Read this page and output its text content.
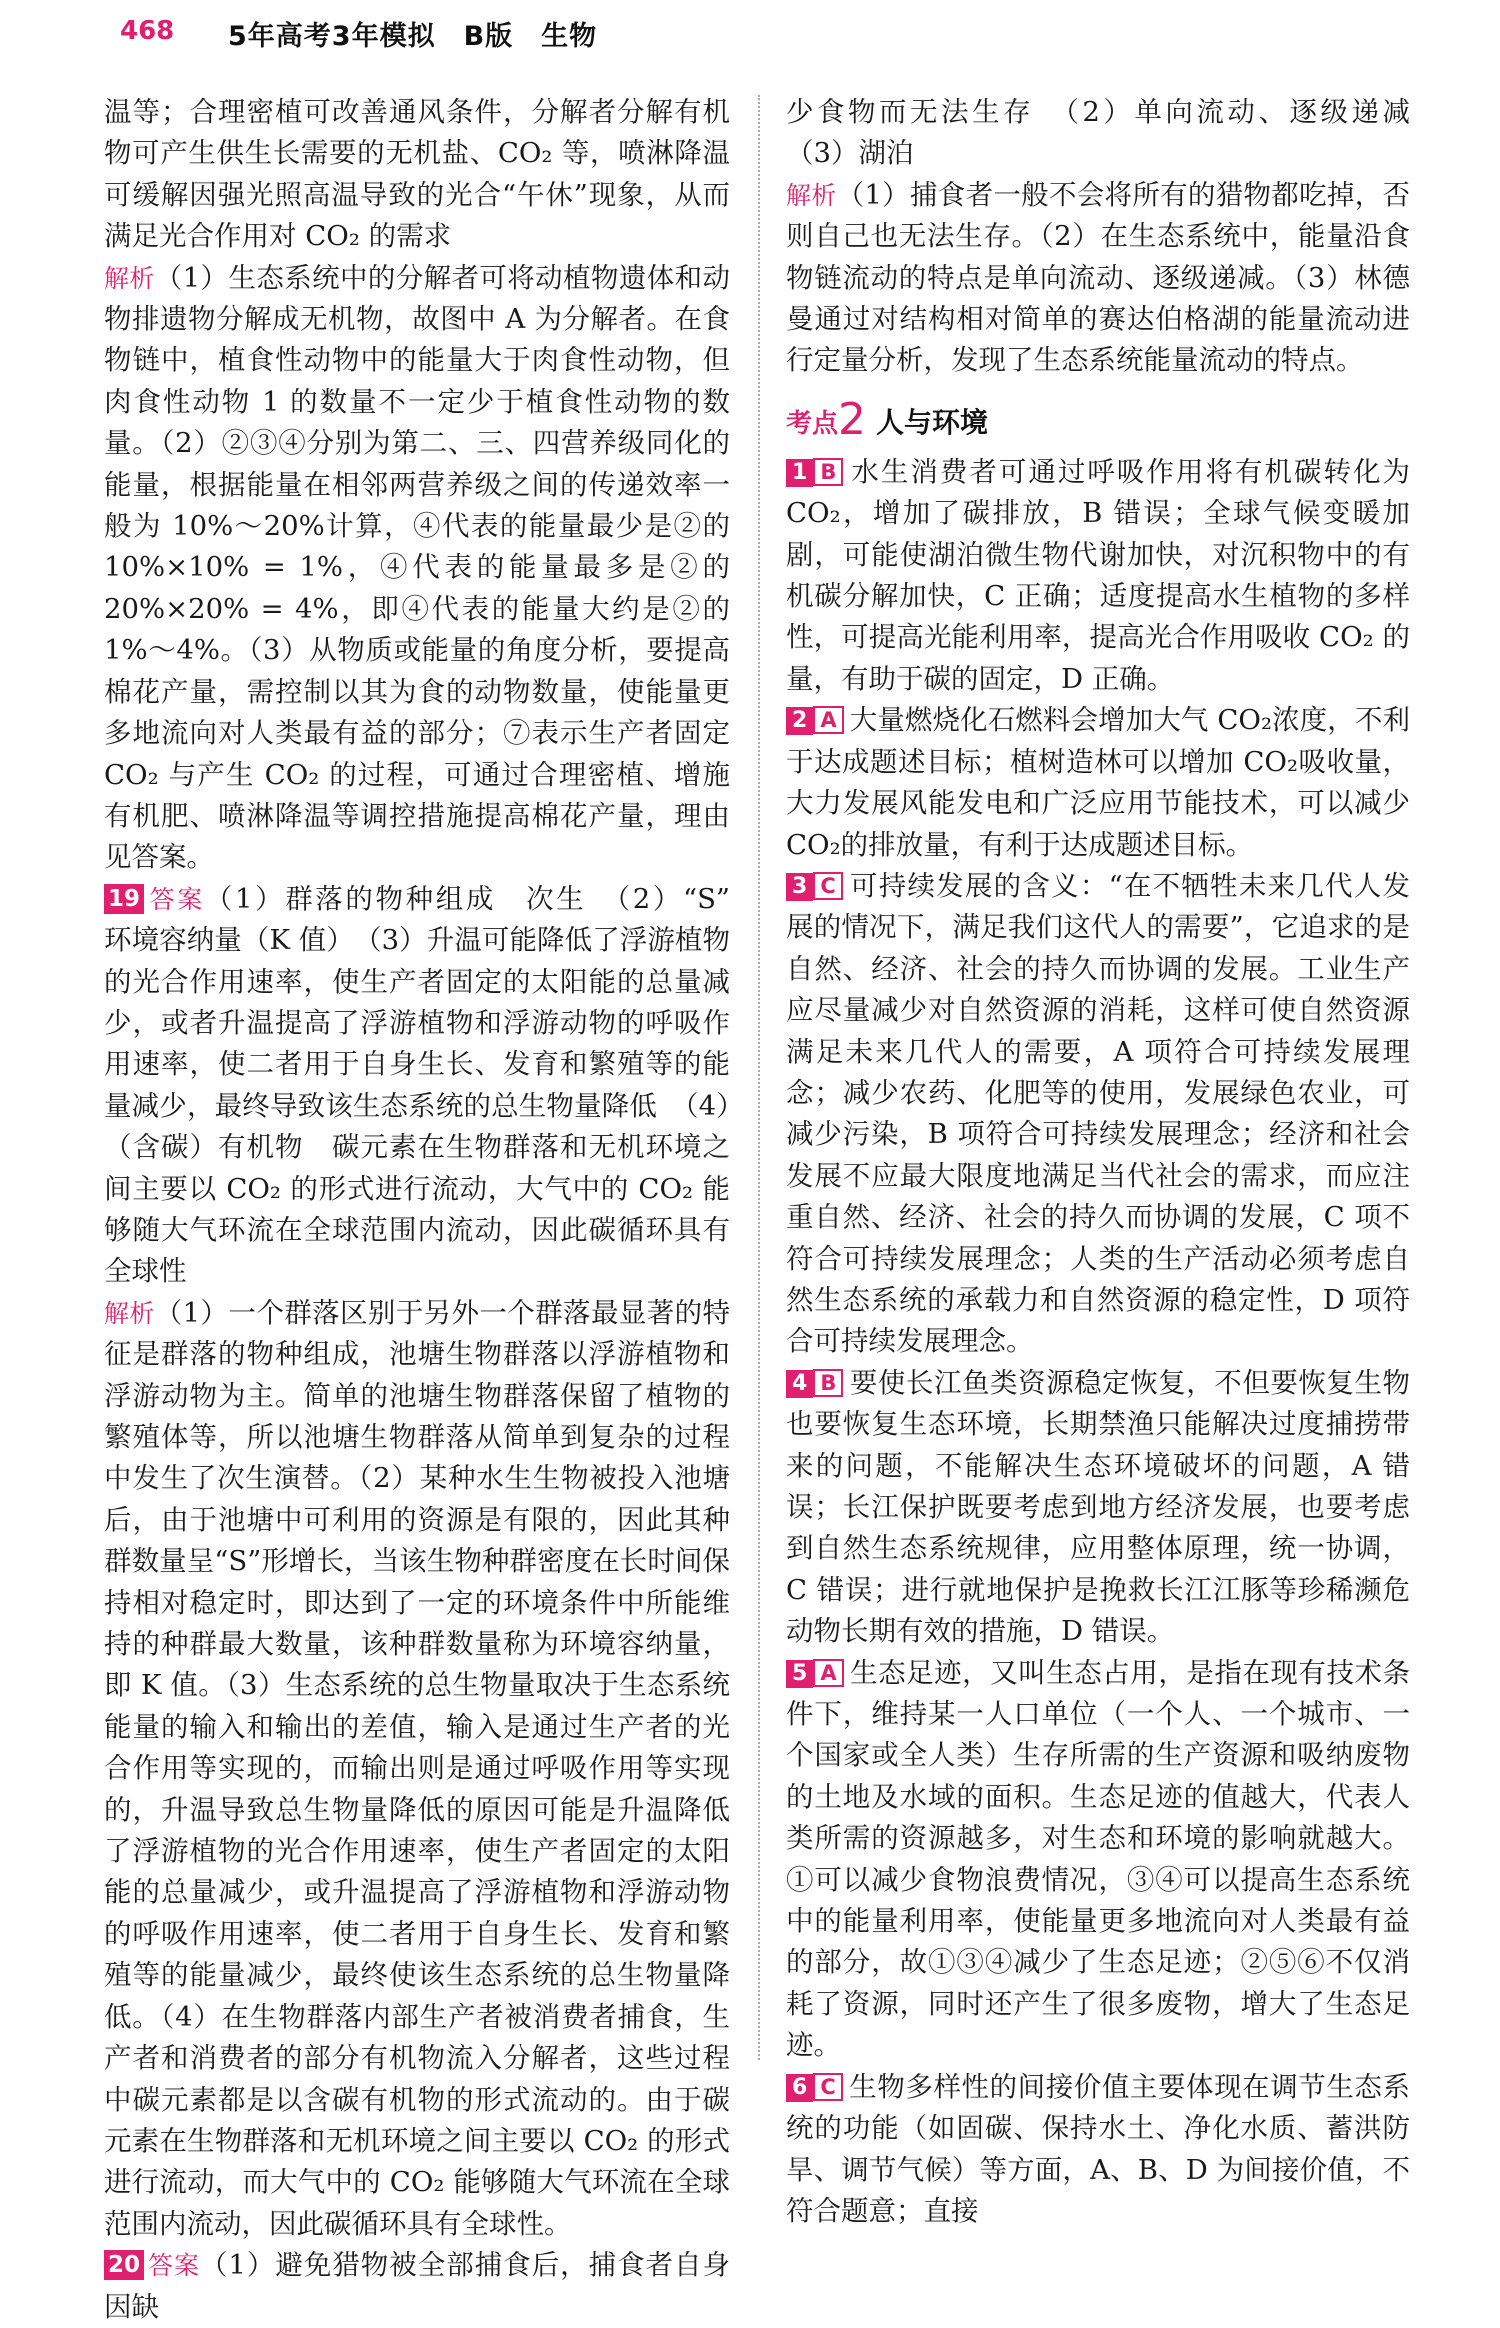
468 5年高考3年模拟　B版　生物

温等；合理密植可改善通风条件，分解者分解有机物可产生供生长需要的无机盐、CO₂ 等，喷淋降温可缓解因强光照高温导致的光合“午休”现象，从而满足光合作用对 CO₂ 的需求

解析（1）生态系统中的分解者可将动植物遗体和动物排遗物分解成无机物，故图中 A 为分解者。在食物链中，植食性动物中的能量大于肉食性动物，但肉食性动物 1 的数量不一定少于植食性动物的数量。（2）②③④分别为第二、三、四营养级同化的能量，根据能量在相邻两营养级之间的传递效率一般为 10%～20%计算，④代表的能量最少是②的 10%×10% = 1%，④代表的能量最多是②的 20%×20% = 4%，即④代表的能量大约是②的 1%～4%。（3）从物质或能量的角度分析，要提高棉花产量，需控制以其为食的动物数量，使能量更多地流向对人类最有益的部分；⑦表示生产者固定 CO₂ 与产生 CO₂ 的过程，可通过合理密植、增施有机肥、喷淋降温等调控措施提高棉花产量，理由见答案。

19 答案（1）群落的物种组成　次生　（2）“S”　环境容纳量（K 值）　（3）升温可能降低了浮游植物的光合作用速率，使生产者固定的太阳能的总量减少，或者升温提高了浮游植物和浮游动物的呼吸作用速率，使二者用于自身生长、发育和繁殖等的能量减少，最终导致该生态系统的总生物量降低　（4）（含碳）有机物　碳元素在生物群落和无机环境之间主要以 CO₂ 的形式进行流动，大气中的 CO₂ 能够随大气环流在全球范围内流动，因此碳循环具有全球性

解析（1）一个群落区别于另外一个群落最显著的特征是群落的物种组成，池塘生物群落以浮游植物和浮游动物为主。简单的池塘生物群落保留了植物的繁殖体等，所以池塘生物群落从简单到复杂的过程中发生了次生演替。（2）某种水生生物被投入池塘后，由于池塘中可利用的资源是有限的，因此其种群数量呈“S”形增长，当该生物种群密度在长时间保持相对稳定时，即达到了一定的环境条件中所能维持的种群最大数量，该种群数量称为环境容纳量，即 K 值。（3）生态系统的总生物量取决于生态系统能量的输入和输出的差值，输入是通过生产者的光合作用等实现的，而输出则是通过呼吸作用等实现的，升温导致总生物量降低的原因可能是升温降低了浮游植物的光合作用速率，使生产者固定的太阳能的总量减少，或升温提高了浮游植物和浮游动物的呼吸作用速率，使二者用于自身生长、发育和繁殖等的能量减少，最终使该生态系统的总生物量降低。（4）在生物群落内部生产者被消费者捕食，生产者和消费者的部分有机物流入分解者，这些过程中碳元素都是以含碳有机物的形式流动的。由于碳元素在生物群落和无机环境之间主要以 CO₂ 的形式进行流动，而大气中的 CO₂ 能够随大气环流在全球范围内流动，因此碳循环具有全球性。

20 答案（1）避免猎物被全部捕食后，捕食者自身因缺

少食物而无法生存　（2）单向流动、逐级递减　（3）湖泊

解析（1）捕食者一般不会将所有的猎物都吃掉，否则自己也无法生存。（2）在生态系统中，能量沿食物链流动的特点是单向流动、逐级递减。（3）林德曼通过对结构相对简单的赛达伯格湖的能量流动进行定量分析，发现了生态系统能量流动的特点。

考点2 人与环境

1 B 水生消费者可通过呼吸作用将有机碳转化为 CO₂，增加了碳排放，B 错误；全球气候变暖加剧，可能使湖泊微生物代谢加快，对沉积物中的有机碳分解加快，C 正确；适度提高水生植物的多样性，可提高光能利用率，提高光合作用吸收 CO₂ 的量，有助于碳的固定，D 正确。

2 A 大量燃烧化石燃料会增加大气 CO₂浓度，不利于达成题述目标；植树造林可以增加 CO₂吸收量，大力发展风能发电和广泛应用节能技术，可以减少 CO₂的排放量，有利于达成题述目标。

3 C 可持续发展的含义：“在不牺牲未来几代人发展的情况下，满足我们这代人的需要”，它追求的是自然、经济、社会的持久而协调的发展。工业生产应尽量减少对自然资源的消耗，这样可使自然资源满足未来几代人的需要，A 项符合可持续发展理念；减少农药、化肥等的使用，发展绿色农业，可减少污染，B 项符合可持续发展理念；经济和社会发展不应最大限度地满足当代社会的需求，而应注重自然、经济、社会的持久而协调的发展，C 项不符合可持续发展理念；人类的生产活动必须考虑自然生态系统的承载力和自然资源的稳定性，D 项符合可持续发展理念。

4 B 要使长江鱼类资源稳定恢复，不但要恢复生物也要恢复生态环境，长期禁渔只能解决过度捕捞带来的问题，不能解决生态环境破坏的问题，A 错误；长江保护既要考虑到地方经济发展，也要考虑到自然生态系统规律，应用整体原理，统一协调，C 错误；进行就地保护是挽救长江江豚等珍稀濒危动物长期有效的措施，D 错误。

5 A 生态足迹，又叫生态占用，是指在现有技术条件下，维持某一人口单位（一个人、一个城市、一个国家或全人类）生存所需的生产资源和吸纳废物的土地及水域的面积。生态足迹的值越大，代表人类所需的资源越多，对生态和环境的影响就越大。①可以减少食物浪费情况，③④可以提高生态系统中的能量利用率，使能量更多地流向对人类最有益的部分，故①③④减少了生态足迹；②⑤⑥不仅消耗了资源，同时还产生了很多废物，增大了生态足迹。

6 C 生物多样性的间接价值主要体现在调节生态系统的功能（如固碳、保持水土、净化水质、蓄洪防旱、调节气候）等方面，A、B、D 为间接价值，不符合题意；直接
